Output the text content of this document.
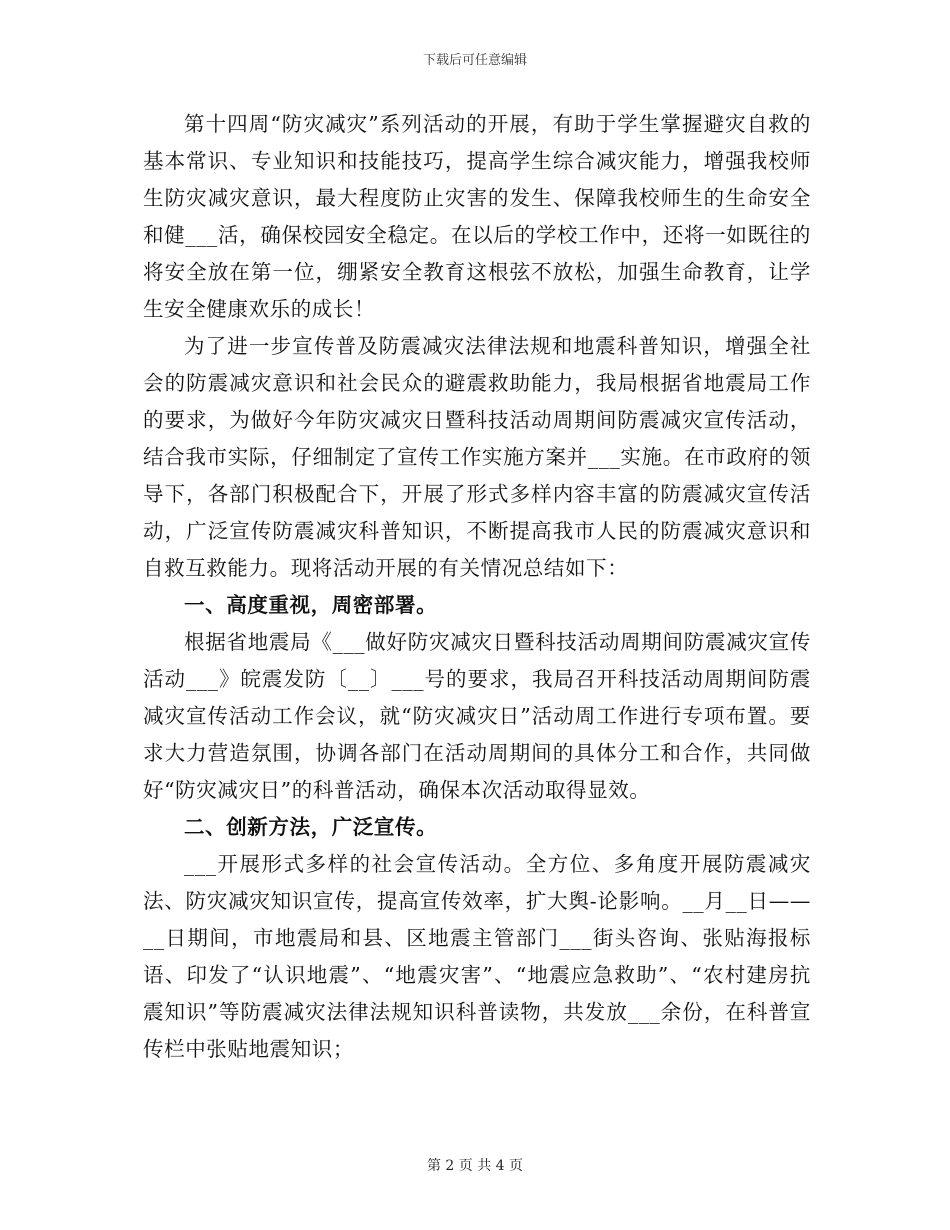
下载后可任意编辑

第十四周“防灾减灾”系列活动的开展，有助于学生掌握避灾自救的基本常识、专业知识和技能技巧，提高学生综合减灾能力，增强我校师生防灾减灾意识，最大程度防止灾害的发生、保障我校师生的生命安全和健___活，确保校园安全稳定。在以后的学校工作中，还将一如既往的将安全放在第一位，绷紧安全教育这根弦不放松，加强生命教育，让学生安全健康欢乐的成长！

为了进一步宣传普及防震减灾法律法规和地震科普知识，增强全社会的防震减灾意识和社会民众的避震救助能力，我局根据省地震局工作的要求，为做好今年防灾减灾日暨科技活动周期间防震减灾宣传活动，结合我市实际，仔细制定了宣传工作实施方案并___实施。在市政府的领导下，各部门积极配合下，开展了形式多样内容丰富的防震减灾宣传活动，广泛宣传防震减灾科普知识，不断提高我市人民的防震减灾意识和自救互救能力。现将活动开展的有关情况总结如下：

一、高度重视，周密部署。

根据省地震局《___做好防灾减灾日暨科技活动周期间防震减灾宣传活动___》皖震发防〔__〕___号的要求，我局召开科技活动周期间防震减灾宣传活动工作会议，就“防灾减灾日”活动周工作进行专项布置。要求大力营造氛围，协调各部门在活动周期间的具体分工和合作，共同做好“防灾减灾日”的科普活动，确保本次活动取得显效。

二、创新方法，广泛宣传。

___开展形式多样的社会宣传活动。全方位、多角度开展防震减灾法、防灾减灾知识宣传，提高宣传效率，扩大舆-论影响。__月__日——__日期间，市地震局和县、区地震主管部门___街头咨询、张贴海报标语、印发了“认识地震”、“地震灾害”、“地震应急救助”、“农村建房抗震知识”等防震减灾法律法规知识科普读物，共发放___余份，在科普宣传栏中张贴地震知识；

第 2 页 共 4 页
